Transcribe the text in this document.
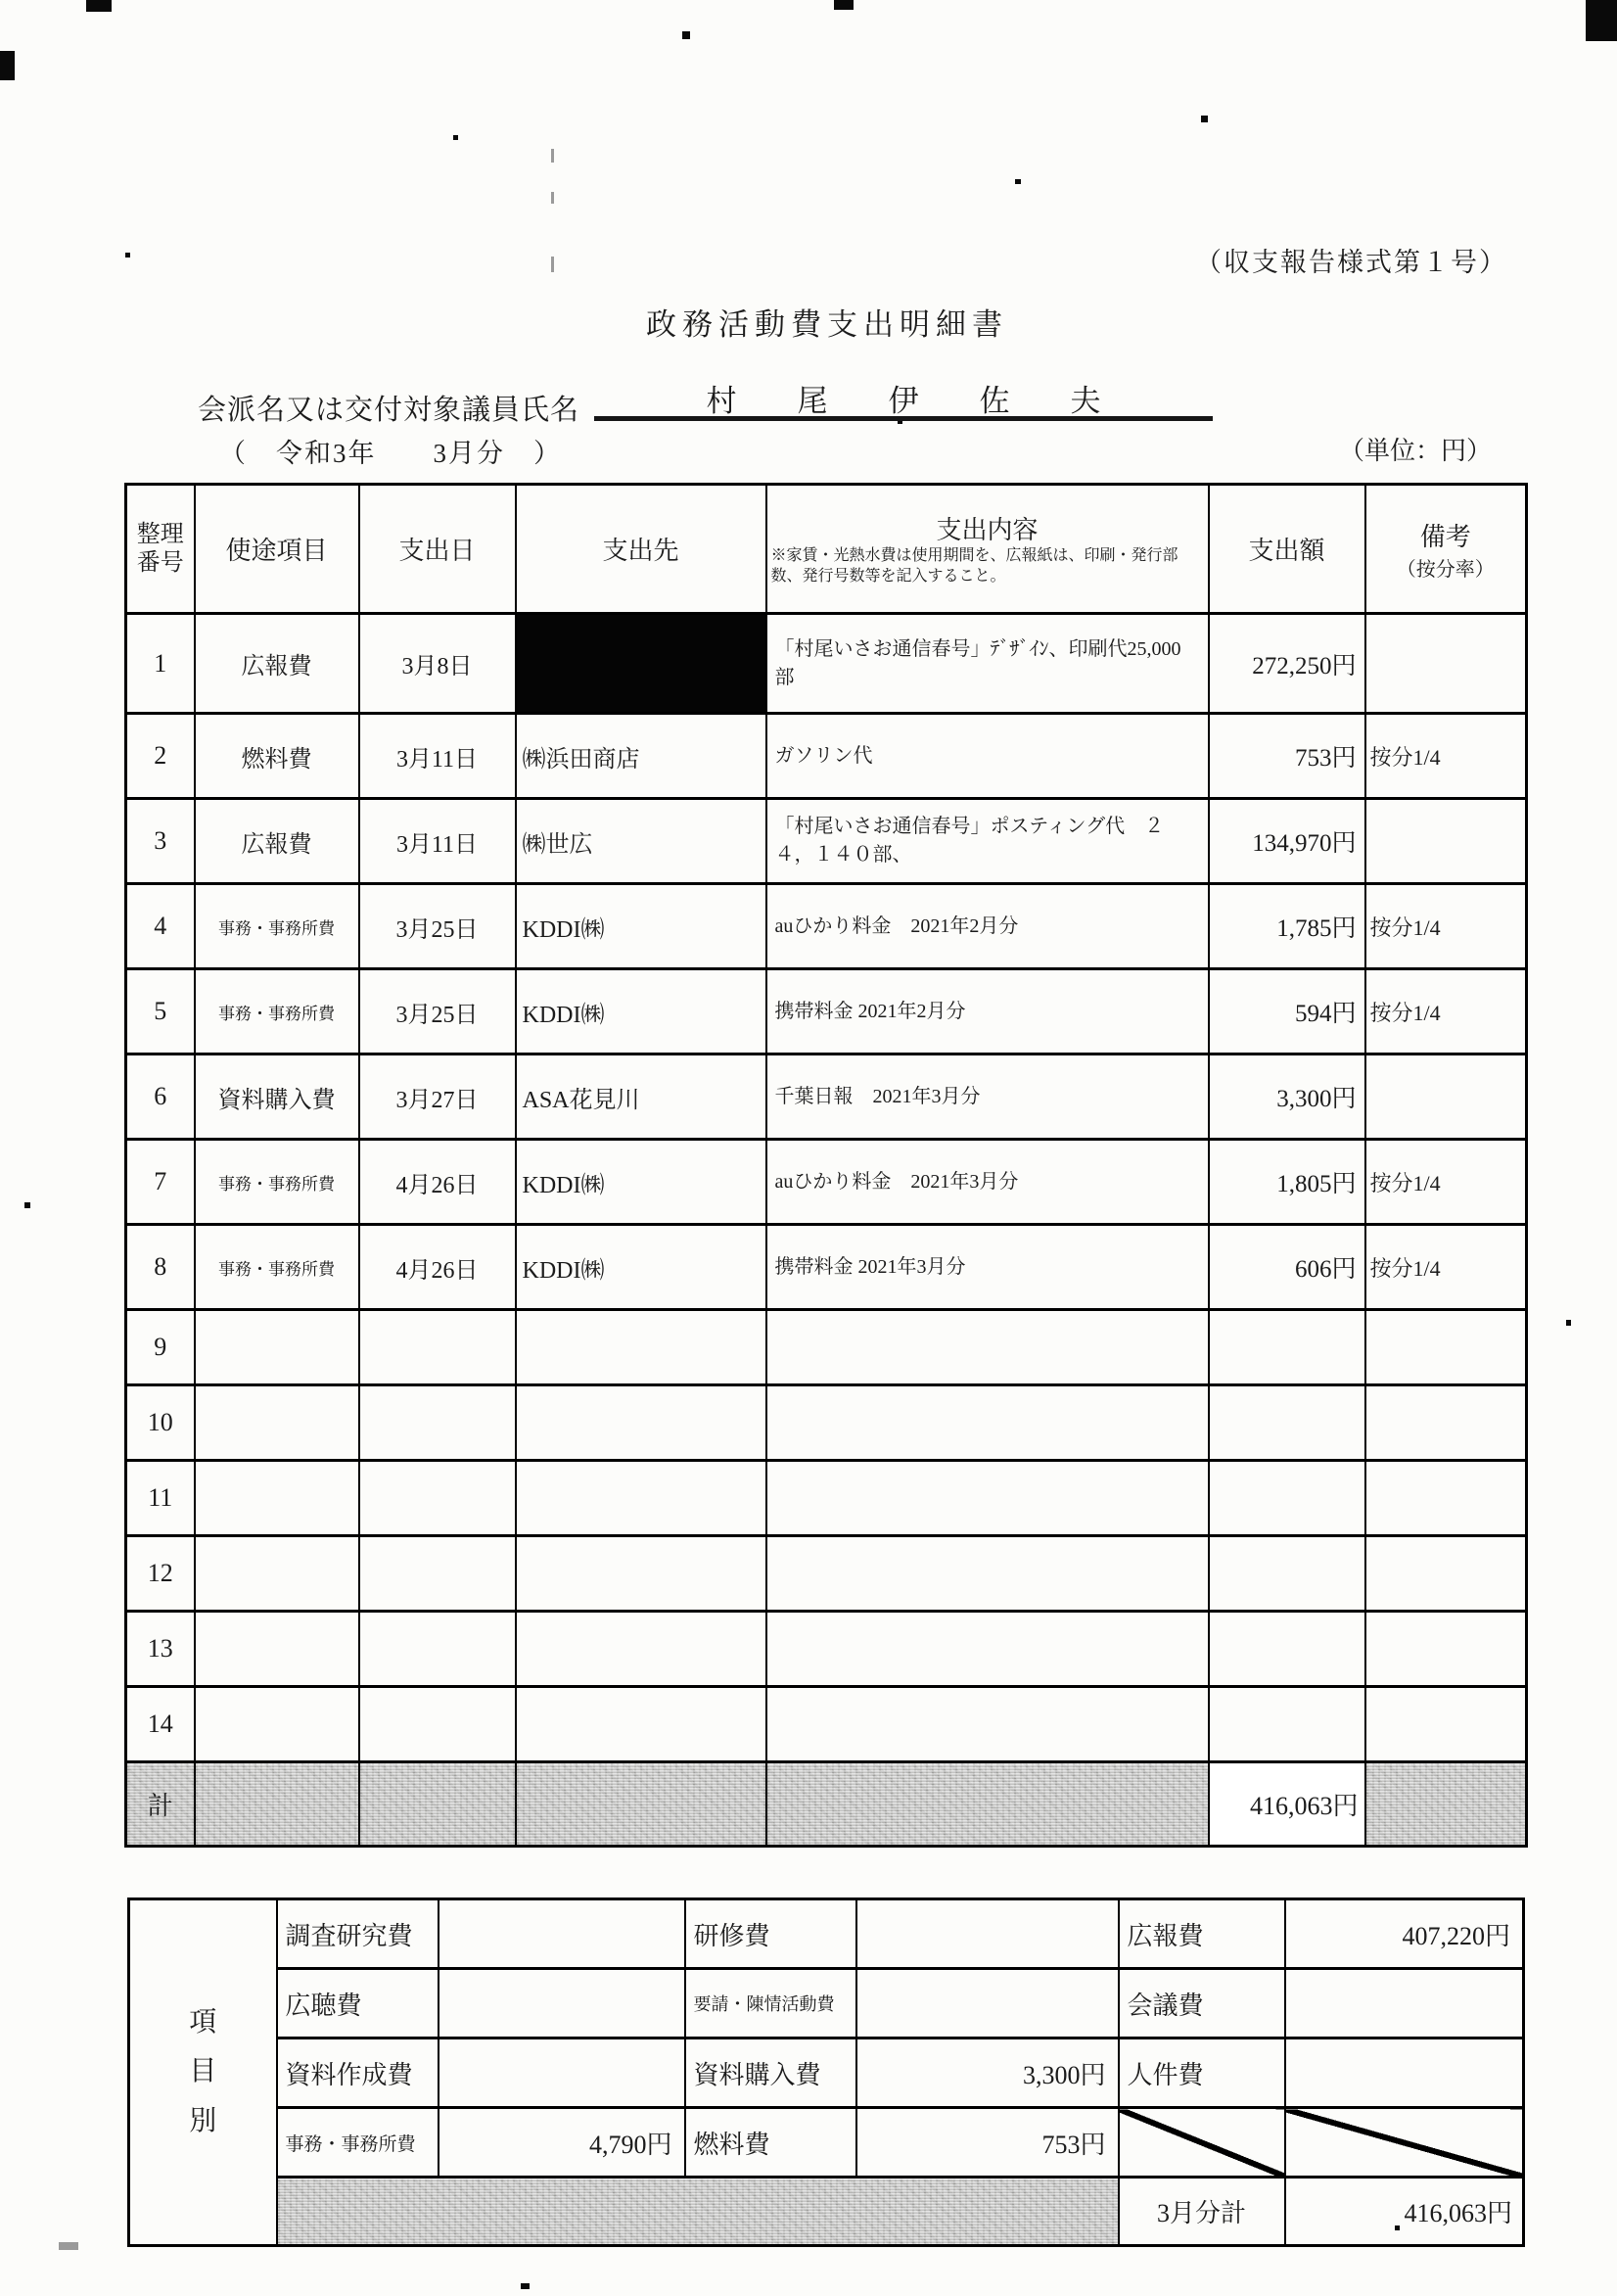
（収支報告様式第１号）
政務活動費支出明細書
会派名又は交付対象議員氏名	村　　尾　　伊　　佐　　夫
（　令和3年　　3月分　）	（単位：円）
整理
番号	使途項目	支出日	支出先	
支出内容
※家賃・光熱水費は使用期間を、広報紙は、印刷・発行部数、発行号数等を記入すること。
	支出額	備考
（按分率）

1	広報費	3月8日		「村尾いさお通信春号」ﾃﾞｻﾞｲﾝ、印刷代25,000部	272,250円	
2	燃料費	3月11日	㈱浜田商店	ガソリン代	753円	按分1/4
3	広報費	3月11日	㈱世広	「村尾いさお通信春号」ポスティング代　２４，１４０部、	134,970円	
4	事務・事務所費	3月25日	KDDI㈱	auひかり料金　2021年2月分	1,785円	按分1/4
5	事務・事務所費	3月25日	KDDI㈱	携帯料金 2021年2月分	594円	按分1/4
6	資料購入費	3月27日	ASA花見川	千葉日報　2021年3月分	3,300円	
7	事務・事務所費	4月26日	KDDI㈱	auひかり料金　2021年3月分	1,805円	按分1/4
8	事務・事務所費	4月26日	KDDI㈱	携帯料金 2021年3月分	606円	按分1/4
9						
10						
11						
12						
13						
14						
計					416,063円	
項目別	調査研究費		研修費		広報費	407,220円
	広聴費		要請・陳情活動費		会議費	
	資料作成費		資料購入費	3,300円	人件費	
	事務・事務所費	4,790円	燃料費	753円		
					3月分計	416,063円
